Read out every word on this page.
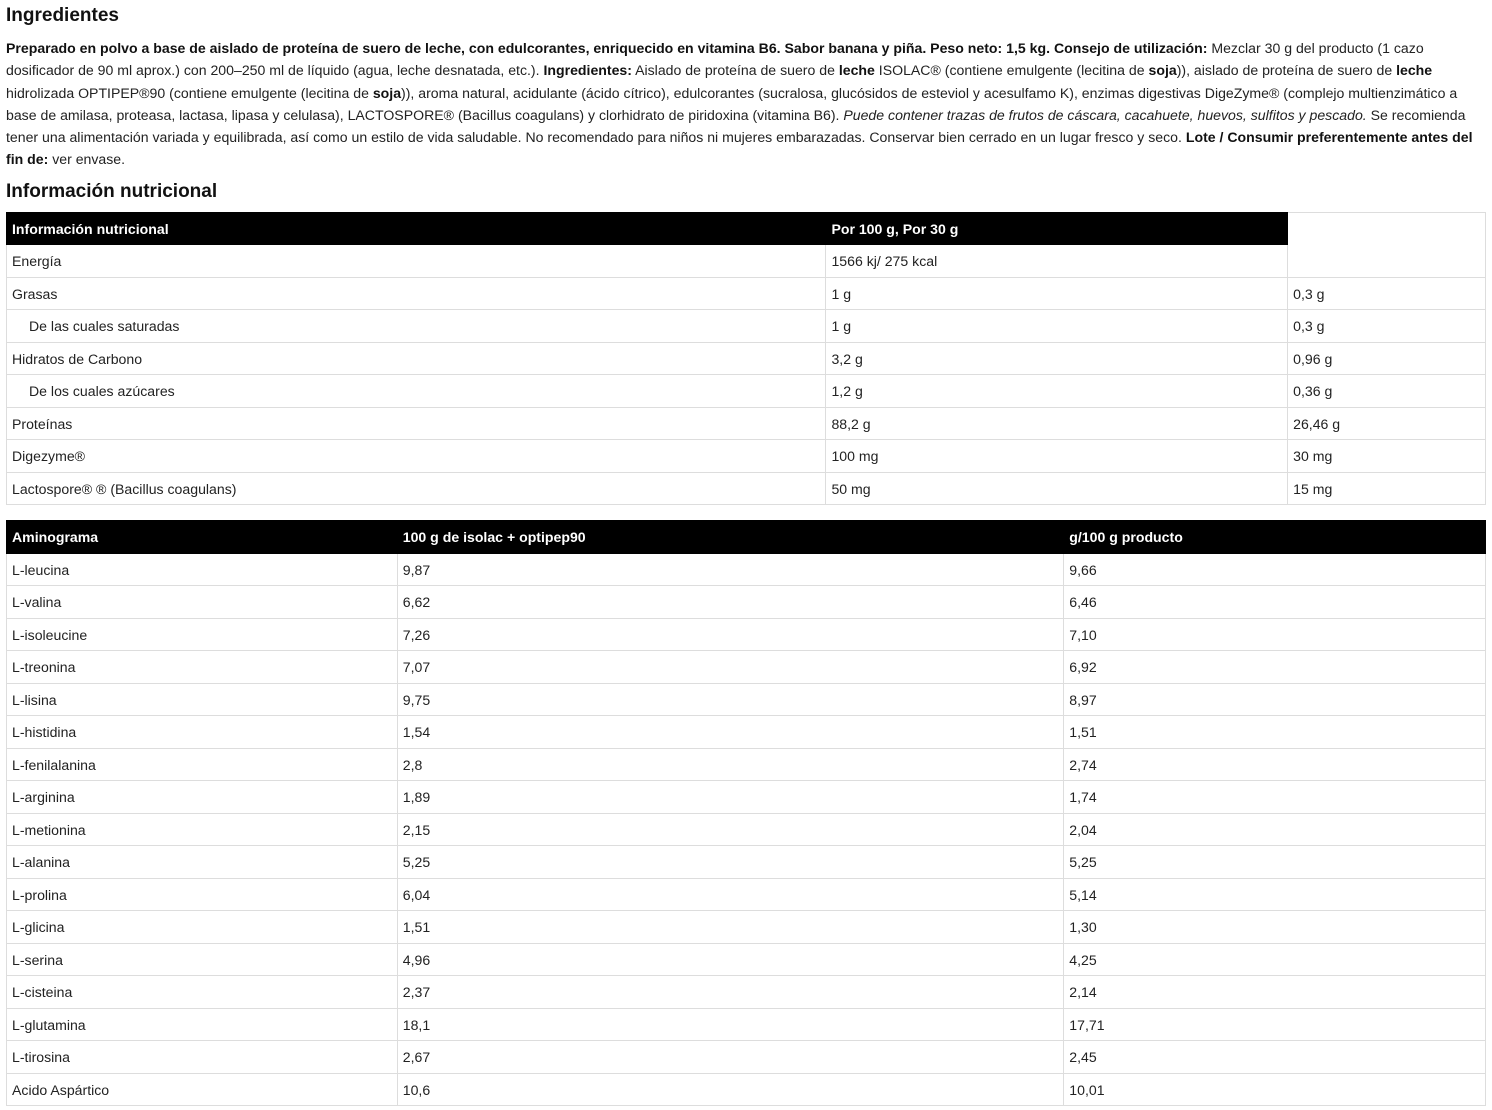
Ingredientes

Preparado en polvo a base de aislado de proteína de suero de leche, con edulcorantes, enriquecido en vitamina B6. Sabor banana y piña. Peso neto: 1,5 kg. Consejo de utilización: Mezclar 30 g del producto (1 cazo dosificador de 90 ml aprox.) con 200–250 ml de líquido (agua, leche desnatada, etc.). Ingredientes: Aislado de proteína de suero de leche ISOLAC® (contiene emulgente (lecitina de soja)), aislado de proteína de suero de leche hidrolizada OPTIPEP®90 (contiene emulgente (lecitina de soja)), aroma natural, acidulante (ácido cítrico), edulcorantes (sucralosa, glucósidos de esteviol y acesulfamo K), enzimas digestivas DigeZyme® (complejo multienzimático a base de amilasa, proteasa, lactasa, lipasa y celulasa), LACTOSPORE® (Bacillus coagulans) y clorhidrato de piridoxina (vitamina B6). Puede contener trazas de frutos de cáscara, cacahuete, huevos, sulfitos y pescado. Se recomienda tener una alimentación variada y equilibrada, así como un estilo de vida saludable. No recomendado para niños ni mujeres embarazadas. Conservar bien cerrado en un lugar fresco y seco. Lote / Consumir preferentemente antes del fin de: ver envase.

Información nutricional
Información nutricional	Por 100 g, Por 30 g	
Energía	1566 kj/ 275 kcal	
Grasas	1 g	0,3 g
De las cuales saturadas	1 g	0,3 g
Hidratos de Carbono	3,2 g	0,96 g
De los cuales azúcares	1,2 g	0,36 g
Proteínas	88,2 g	26,46 g
Digezyme®	100 mg	30 mg
Lactospore® ® (Bacillus coagulans)	50 mg	15 mg
Aminograma	100 g de isolac + optipep90	g/100 g producto
L-leucina	9,87	9,66
L-valina	6,62	6,46
L-isoleucine	7,26	7,10
L-treonina	7,07	6,92
L-lisina	9,75	8,97
L-histidina	1,54	1,51
L-fenilalanina	2,8	2,74
L-arginina	1,89	1,74
L-metionina	2,15	2,04
L-alanina	5,25	5,25
L-prolina	6,04	5,14
L-glicina	1,51	1,30
L-serina	4,96	4,25
L-cisteina	2,37	2,14
L-glutamina	18,1	17,71
L-tirosina	2,67	2,45
Acido Aspártico	10,6	10,01
